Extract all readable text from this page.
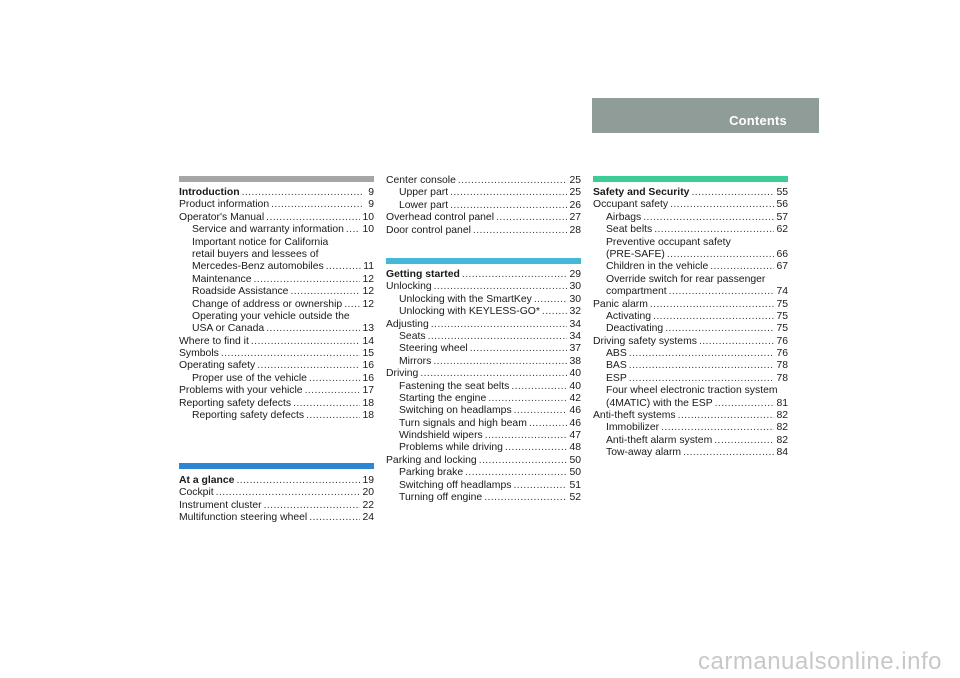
Contents
Introduction .....	9
Product information .....	9
Operator's Manual .....	10
Service and warranty information ..... 10
Important notice for California
retail buyers and lessees of
Mercedes-Benz automobiles .....	11
Maintenance .....	12
Roadside Assistance .....	12
Change of address or ownership ..... 12
Operating your vehicle outside the
USA or Canada .....	13
Where to find it .....	14
Symbols .....	15
Operating safety .....	16
Proper use of the vehicle .....	16
Problems with your vehicle .....	17
Reporting safety defects .....	18
Reporting safety defects .....	18
At a glance .....	19
Cockpit .....	20
Instrument cluster .....	22
Multifunction steering wheel .....	24
Center console .....	25
Upper part .....	25
Lower part .....	26
Overhead control panel .....	27
Door control panel .....	28
Getting started .....	29
Unlocking .....	30
Unlocking with the SmartKey .....	30
Unlocking with KEYLESS-GO* .....	32
Adjusting .....	34
Seats .....	34
Steering wheel .....	37
Mirrors .....	38
Driving .....	40
Fastening the seat belts .....	40
Starting the engine .....	42
Switching on headlamps .....	46
Turn signals and high beam .....	46
Windshield wipers .....	47
Problems while driving .....	48
Parking and locking .....	50
Parking brake .....	50
Switching off headlamps .....	51
Turning off engine .....	52
Safety and Security .....	55
Occupant safety .....	56
Airbags .....	57
Seat belts .....	62
Preventive occupant safety
(PRE-SAFE) .....	66
Children in the vehicle .....	67
Override switch for rear passenger
compartment .....	74
Panic alarm .....	75
Activating .....	75
Deactivating .....	75
Driving safety systems .....	76
ABS .....	76
BAS .....	78
ESP .....	78
Four wheel electronic traction system
(4MATIC) with the ESP .....	81
Anti-theft systems .....	82
Immobilizer .....	82
Anti-theft alarm system .....	82
Tow-away alarm .....	84
carmanualsonline.info
